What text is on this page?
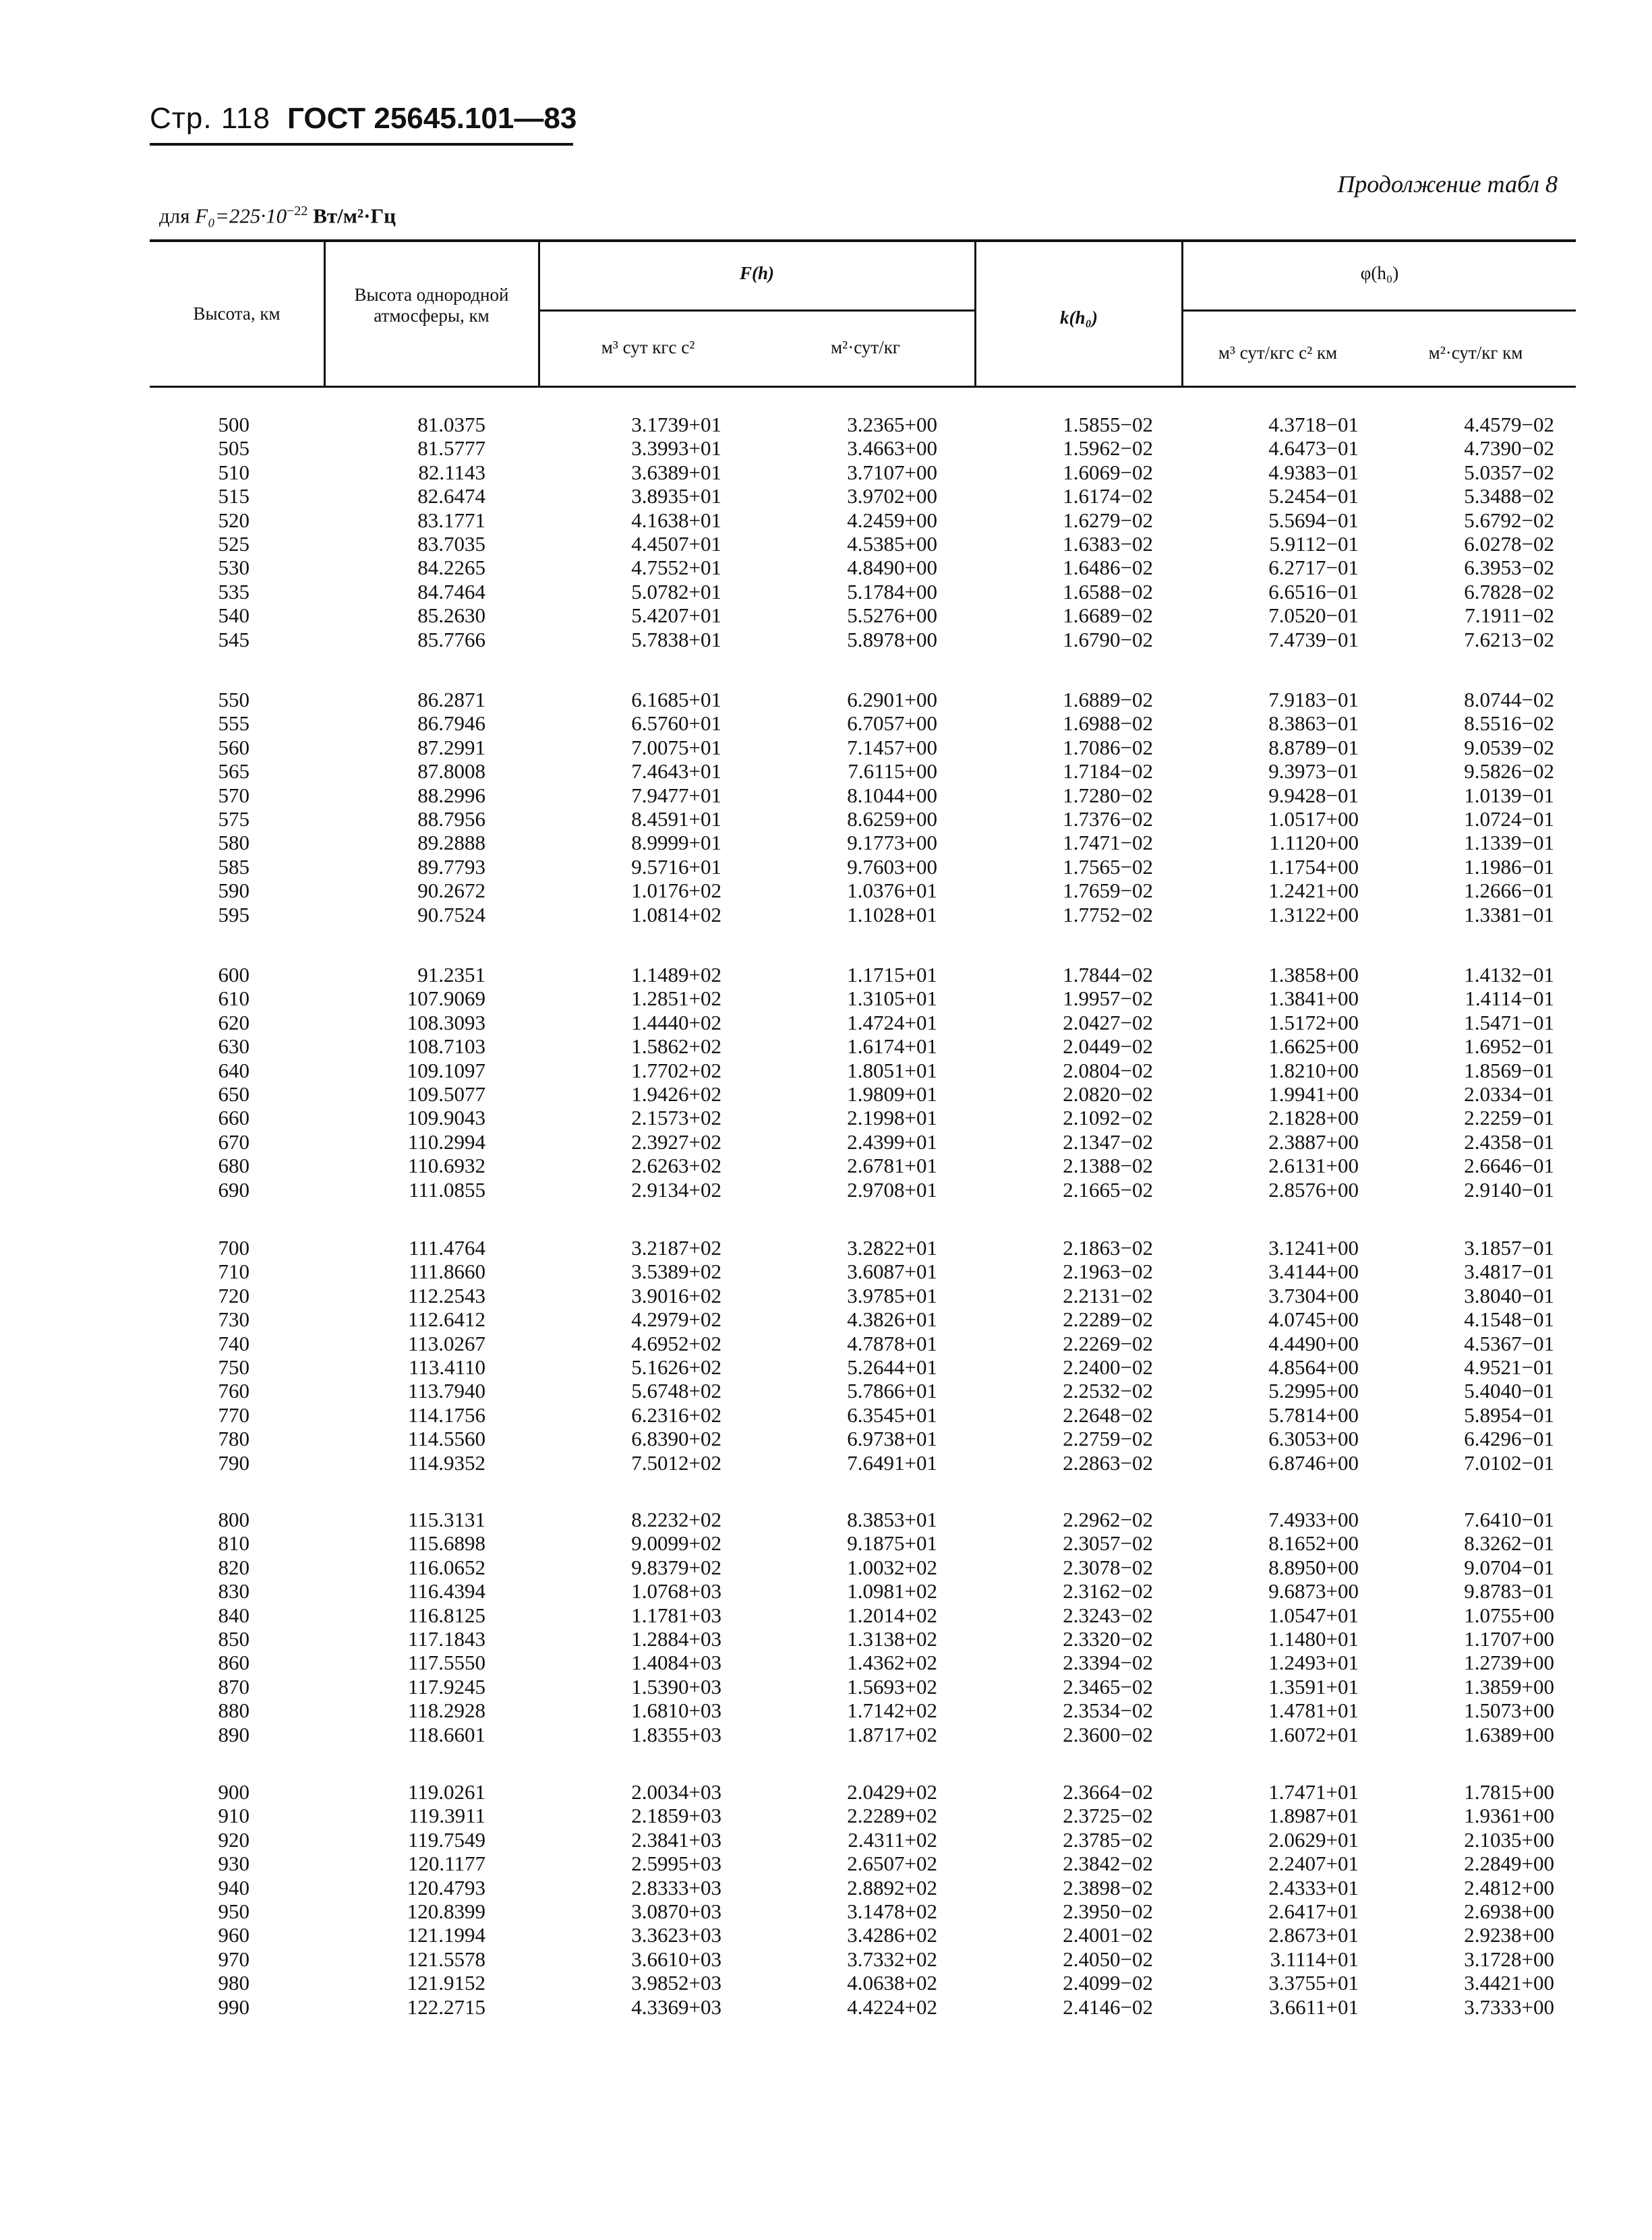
Стр. 118 ГОСТ 25645.101—83
Продолжение табл 8
для $F_0=225\cdot 10^{-22}$ Вт/м²·Гц
Высота, км
Высота однородной атмосферы, км
F(h)
м³ сут кгс с²	м²·сут/кг
k(h₀)
φ(h₀)
м³ сут/кгс с² км	м²·сут/кг км
500	81.0375	3.1739+01	3.2365+00	1.5855−02	4.3718−01	4.4579−02
505	81.5777	3.3993+01	3.4663+00	1.5962−02	4.6473−01	4.7390−02
510	82.1143	3.6389+01	3.7107+00	1.6069−02	4.9383−01	5.0357−02
515	82.6474	3.8935+01	3.9702+00	1.6174−02	5.2454−01	5.3488−02
520	83.1771	4.1638+01	4.2459+00	1.6279−02	5.5694−01	5.6792−02
525	83.7035	4.4507+01	4.5385+00	1.6383−02	5.9112−01	6.0278−02
530	84.2265	4.7552+01	4.8490+00	1.6486−02	6.2717−01	6.3953−02
535	84.7464	5.0782+01	5.1784+00	1.6588−02	6.6516−01	6.7828−02
540	85.2630	5.4207+01	5.5276+00	1.6689−02	7.0520−01	7.1911−02
545	85.7766	5.7838+01	5.8978+00	1.6790−02	7.4739−01	7.6213−02
550	86.2871	6.1685+01	6.2901+00	1.6889−02	7.9183−01	8.0744−02
555	86.7946	6.5760+01	6.7057+00	1.6988−02	8.3863−01	8.5516−02
560	87.2991	7.0075+01	7.1457+00	1.7086−02	8.8789−01	9.0539−02
565	87.8008	7.4643+01	7.6115+00	1.7184−02	9.3973−01	9.5826−02
570	88.2996	7.9477+01	8.1044+00	1.7280−02	9.9428−01	1.0139−01
575	88.7956	8.4591+01	8.6259+00	1.7376−02	1.0517+00	1.0724−01
580	89.2888	8.9999+01	9.1773+00	1.7471−02	1.1120+00	1.1339−01
585	89.7793	9.5716+01	9.7603+00	1.7565−02	1.1754+00	1.1986−01
590	90.2672	1.0176+02	1.0376+01	1.7659−02	1.2421+00	1.2666−01
595	90.7524	1.0814+02	1.1028+01	1.7752−02	1.3122+00	1.3381−01
600	91.2351	1.1489+02	1.1715+01	1.7844−02	1.3858+00	1.4132−01
610	107.9069	1.2851+02	1.3105+01	1.9957−02	1.3841+00	1.4114−01
620	108.3093	1.4440+02	1.4724+01	2.0427−02	1.5172+00	1.5471−01
630	108.7103	1.5862+02	1.6174+01	2.0449−02	1.6625+00	1.6952−01
640	109.1097	1.7702+02	1.8051+01	2.0804−02	1.8210+00	1.8569−01
650	109.5077	1.9426+02	1.9809+01	2.0820−02	1.9941+00	2.0334−01
660	109.9043	2.1573+02	2.1998+01	2.1092−02	2.1828+00	2.2259−01
670	110.2994	2.3927+02	2.4399+01	2.1347−02	2.3887+00	2.4358−01
680	110.6932	2.6263+02	2.6781+01	2.1388−02	2.6131+00	2.6646−01
690	111.0855	2.9134+02	2.9708+01	2.1665−02	2.8576+00	2.9140−01
700	111.4764	3.2187+02	3.2822+01	2.1863−02	3.1241+00	3.1857−01
710	111.8660	3.5389+02	3.6087+01	2.1963−02	3.4144+00	3.4817−01
720	112.2543	3.9016+02	3.9785+01	2.2131−02	3.7304+00	3.8040−01
730	112.6412	4.2979+02	4.3826+01	2.2289−02	4.0745+00	4.1548−01
740	113.0267	4.6952+02	4.7878+01	2.2269−02	4.4490+00	4.5367−01
750	113.4110	5.1626+02	5.2644+01	2.2400−02	4.8564+00	4.9521−01
760	113.7940	5.6748+02	5.7866+01	2.2532−02	5.2995+00	5.4040−01
770	114.1756	6.2316+02	6.3545+01	2.2648−02	5.7814+00	5.8954−01
780	114.5560	6.8390+02	6.9738+01	2.2759−02	6.3053+00	6.4296−01
790	114.9352	7.5012+02	7.6491+01	2.2863−02	6.8746+00	7.0102−01
800	115.3131	8.2232+02	8.3853+01	2.2962−02	7.4933+00	7.6410−01
810	115.6898	9.0099+02	9.1875+01	2.3057−02	8.1652+00	8.3262−01
820	116.0652	9.8379+02	1.0032+02	2.3078−02	8.8950+00	9.0704−01
830	116.4394	1.0768+03	1.0981+02	2.3162−02	9.6873+00	9.8783−01
840	116.8125	1.1781+03	1.2014+02	2.3243−02	1.0547+01	1.0755+00
850	117.1843	1.2884+03	1.3138+02	2.3320−02	1.1480+01	1.1707+00
860	117.5550	1.4084+03	1.4362+02	2.3394−02	1.2493+01	1.2739+00
870	117.9245	1.5390+03	1.5693+02	2.3465−02	1.3591+01	1.3859+00
880	118.2928	1.6810+03	1.7142+02	2.3534−02	1.4781+01	1.5073+00
890	118.6601	1.8355+03	1.8717+02	2.3600−02	1.6072+01	1.6389+00
900	119.0261	2.0034+03	2.0429+02	2.3664−02	1.7471+01	1.7815+00
910	119.3911	2.1859+03	2.2289+02	2.3725−02	1.8987+01	1.9361+00
920	119.7549	2.3841+03	2.4311+02	2.3785−02	2.0629+01	2.1035+00
930	120.1177	2.5995+03	2.6507+02	2.3842−02	2.2407+01	2.2849+00
940	120.4793	2.8333+03	2.8892+02	2.3898−02	2.4333+01	2.4812+00
950	120.8399	3.0870+03	3.1478+02	2.3950−02	2.6417+01	2.6938+00
960	121.1994	3.3623+03	3.4286+02	2.4001−02	2.8673+01	2.9238+00
970	121.5578	3.6610+03	3.7332+02	2.4050−02	3.1114+01	3.1728+00
980	121.9152	3.9852+03	4.0638+02	2.4099−02	3.3755+01	3.4421+00
990	122.2715	4.3369+03	4.4224+02	2.4146−02	3.6611+01	3.7333+00
